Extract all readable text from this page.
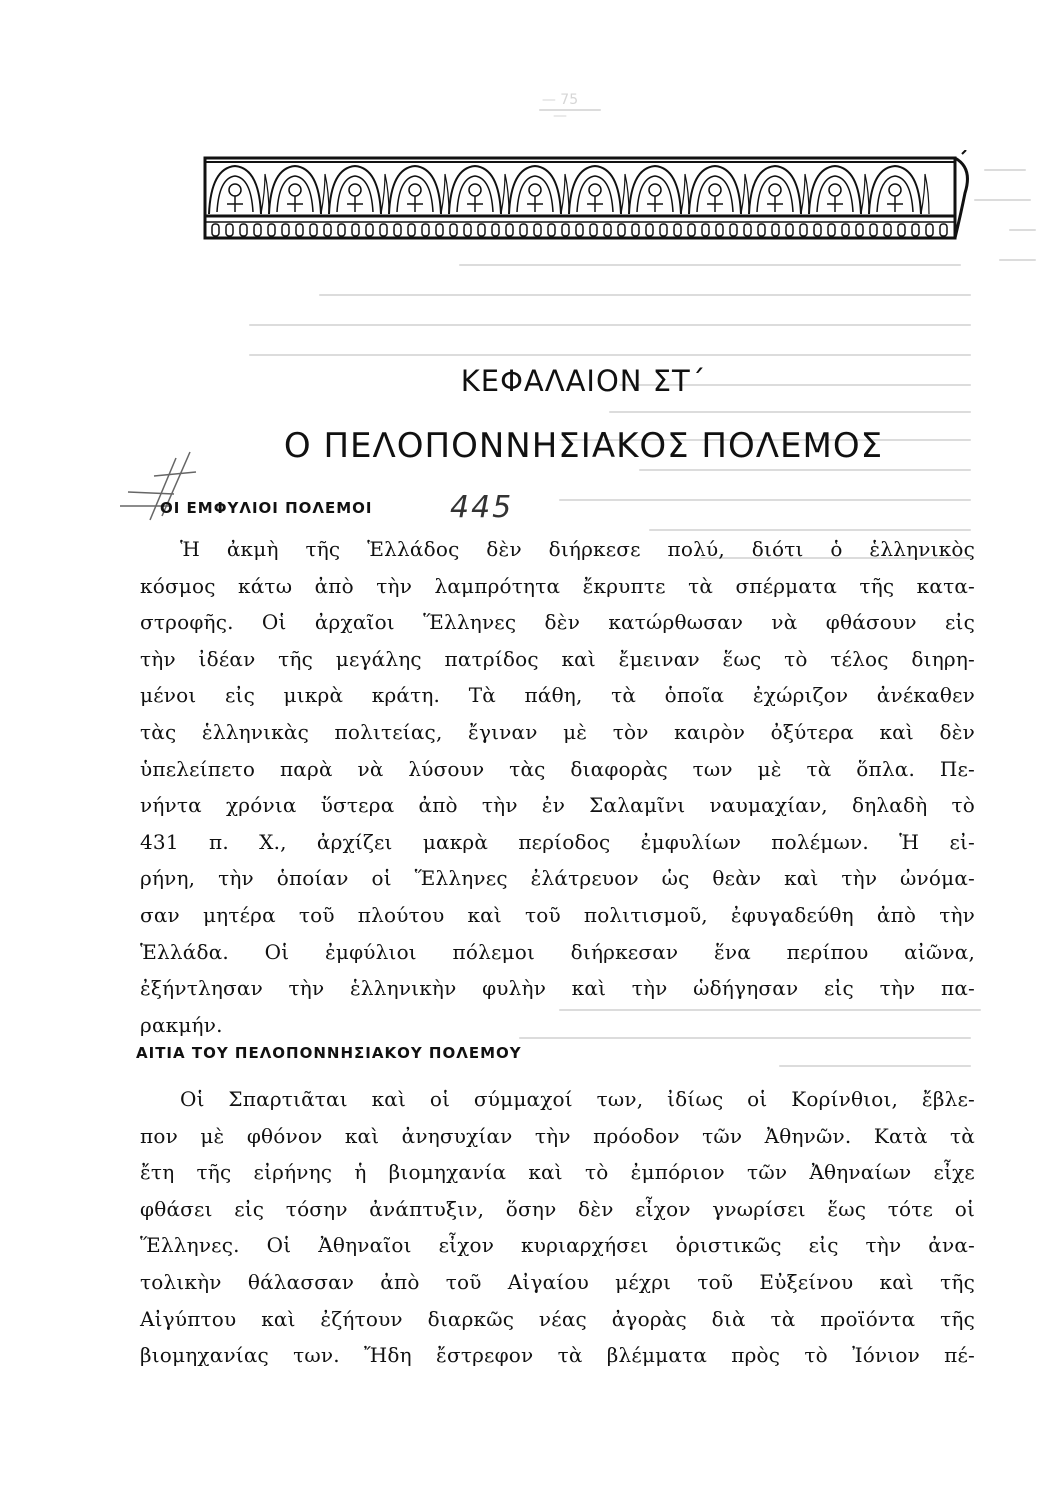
— 75 —
ΚΕΦΑΛΑΙΟΝ ΣΤ΄
Ο ΠΕΛΟΠΟΝΝΗΣΙΑΚΟΣ ΠΟΛΕΜΟΣ
ΟΙ ΕΜΦΥΛΙΟΙ ΠΟΛΕΜΟΙ	445
Ἡ ἀκμὴ τῆς Ἑλλάδος δὲν διήρκεσε πολύ, διότι ὁ ἑλληνικὸς
κόσμος κάτω ἀπὸ τὴν λαμπρότητα ἔκρυπτε τὰ σπέρματα τῆς κατα-
στροφῆς. Οἱ ἀρχαῖοι Ἕλληνες δὲν κατώρθωσαν νὰ φθάσουν εἰς
τὴν ἰδέαν τῆς μεγάλης πατρίδος καὶ ἔμειναν ἕως τὸ τέλος διηρη-
μένοι εἰς μικρὰ κράτη. Τὰ πάθη, τὰ ὁποῖα ἐχώριζον ἀνέκαθεν
τὰς ἑλληνικὰς πολιτείας, ἔγιναν μὲ τὸν καιρὸν ὀξύτερα καὶ δὲν
ὑπελείπετο παρὰ νὰ λύσουν τὰς διαφορὰς των μὲ τὰ ὅπλα. Πε-
νήντα χρόνια ὕστερα ἀπὸ τὴν ἐν Σαλαμῖνι ναυμαχίαν, δηλαδὴ τὸ
431 π. Χ., ἀρχίζει μακρὰ περίοδος ἐμφυλίων πολέμων. Ἡ εἰ-
ρήνη, τὴν ὁποίαν οἱ Ἕλληνες ἐλάτρευον ὡς θεὰν καὶ τὴν ὠνόμα-
σαν μητέρα τοῦ πλούτου καὶ τοῦ πολιτισμοῦ, ἐφυγαδεύθη ἀπὸ τὴν
Ἑλλάδα. Οἱ ἐμφύλιοι πόλεμοι διήρκεσαν ἕνα περίπου αἰῶνα,
ἐξήντλησαν τὴν ἑλληνικὴν φυλὴν καὶ τὴν ὡδήγησαν εἰς τὴν πα-
ρακμήν.
ΑΙΤΙΑ ΤΟΥ ΠΕΛΟΠΟΝΝΗΣΙΑΚΟΥ ΠΟΛΕΜΟΥ
Οἱ Σπαρτιᾶται καὶ οἱ σύμμαχοί των, ἰδίως οἱ Κορίνθιοι, ἔβλε-
πον μὲ φθόνον καὶ ἀνησυχίαν τὴν πρόοδον τῶν Ἀθηνῶν. Κατὰ τὰ
ἔτη τῆς εἰρήνης ἡ βιομηχανία καὶ τὸ ἐμπόριον τῶν Ἀθηναίων εἶχε
φθάσει εἰς τόσην ἀνάπτυξιν, ὅσην δὲν εἶχον γνωρίσει ἕως τότε οἱ
Ἕλληνες. Οἱ Ἀθηναῖοι εἶχον κυριαρχήσει ὁριστικῶς εἰς τὴν ἀνα-
τολικὴν θάλασσαν ἀπὸ τοῦ Αἰγαίου μέχρι τοῦ Εὐξείνου καὶ τῆς
Αἰγύπτου καὶ ἐζήτουν διαρκῶς νέας ἀγορὰς διὰ τὰ προϊόντα τῆς
βιομηχανίας των. Ἤδη ἔστρεφον τὰ βλέμματα πρὸς τὸ Ἰόνιον πέ-
